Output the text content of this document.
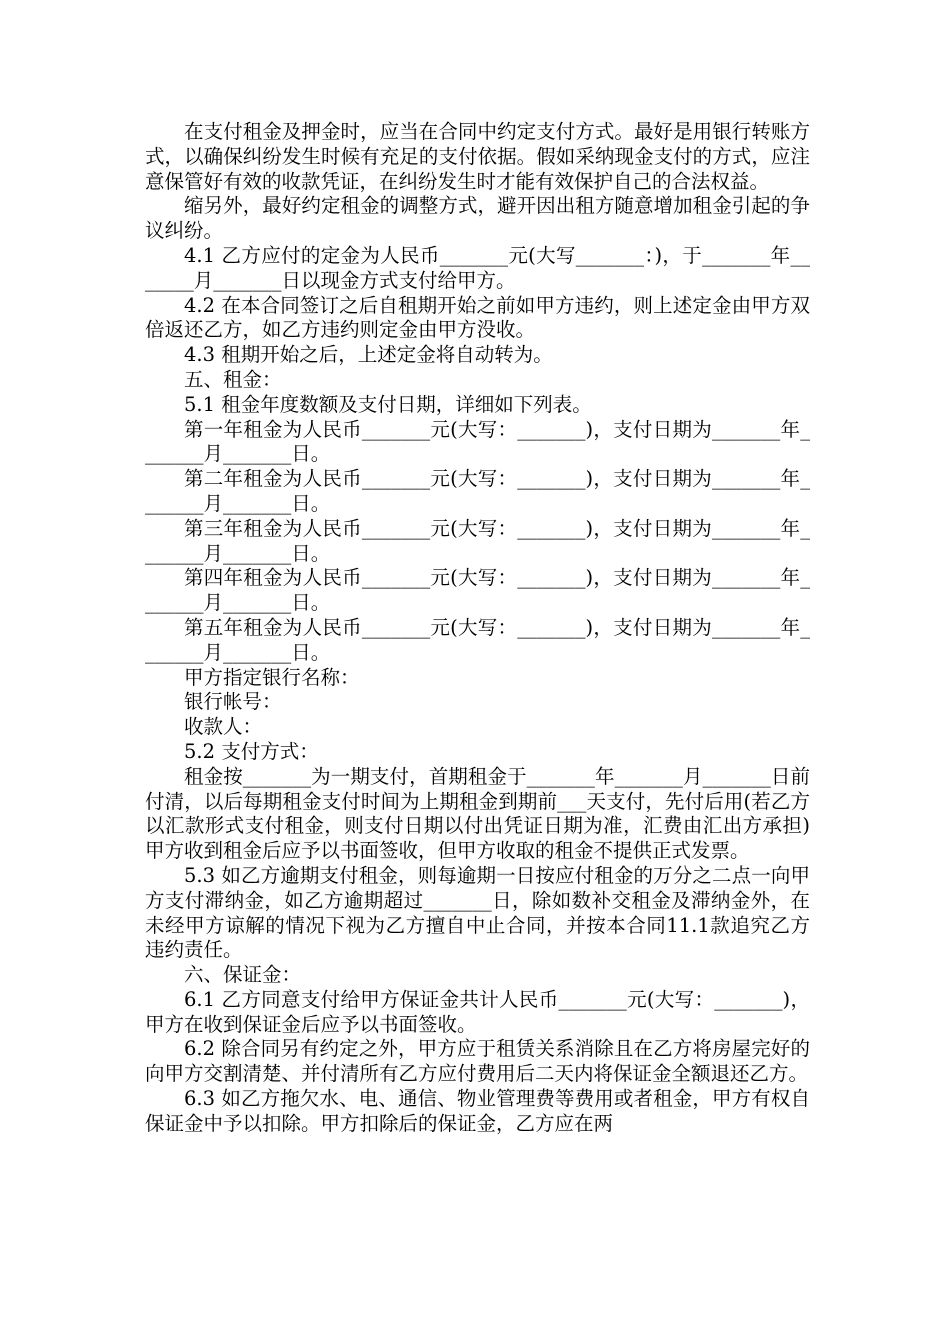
在支付租金及押金时，应当在合同中约定支付方式。最好是用银行转账方式，以确保纠纷发生时候有充足的支付依据。假如采纳现金支付的方式，应注意保管好有效的收款凭证，在纠纷发生时才能有效保护自己的合法权益。

缩另外，最好约定租金的调整方式，避开因出租方随意增加租金引起的争议纠纷。

4.1 乙方应付的定金为人民币_______元(大写_______：)，于_______年_______月_______日以现金方式支付给甲方。

4.2 在本合同签订之后自租期开始之前如甲方违约，则上述定金由甲方双倍返还乙方，如乙方违约则定金由甲方没收。

4.3 租期开始之后，上述定金将自动转为。

五、租金：

5.1 租金年度数额及支付日期，详细如下列表。

第一年租金为人民币_______元(大写：_______)，支付日期为_______年_______月_______日。

第二年租金为人民币_______元(大写：_______)，支付日期为_______年_______月_______日。

第三年租金为人民币_______元(大写：_______)，支付日期为_______年_______月_______日。

第四年租金为人民币_______元(大写：_______)，支付日期为_______年_______月_______日。

第五年租金为人民币_______元(大写：_______)，支付日期为_______年_______月_______日。

甲方指定银行名称：

银行帐号：

收款人：

5.2 支付方式：

租金按_______为一期支付，首期租金于_______年_______月_______日前付清，以后每期租金支付时间为上期租金到期前___天支付，先付后用(若乙方以汇款形式支付租金，则支付日期以付出凭证日期为准，汇费由汇出方承担)甲方收到租金后应予以书面签收，但甲方收取的租金不提供正式发票。

5.3 如乙方逾期支付租金，则每逾期一日按应付租金的万分之二点一向甲方支付滞纳金，如乙方逾期超过_______日，除如数补交租金及滞纳金外，在未经甲方谅解的情况下视为乙方擅自中止合同，并按本合同11.1款追究乙方违约责任。

六、保证金：

6.1 乙方同意支付给甲方保证金共计人民币_______元(大写：_______)，甲方在收到保证金后应予以书面签收。

6.2 除合同另有约定之外，甲方应于租赁关系消除且在乙方将房屋完好的向甲方交割清楚、并付清所有乙方应付费用后二天内将保证金全额退还乙方。

6.3 如乙方拖欠水、电、通信、物业管理费等费用或者租金，甲方有权自保证金中予以扣除。甲方扣除后的保证金，乙方应在两
